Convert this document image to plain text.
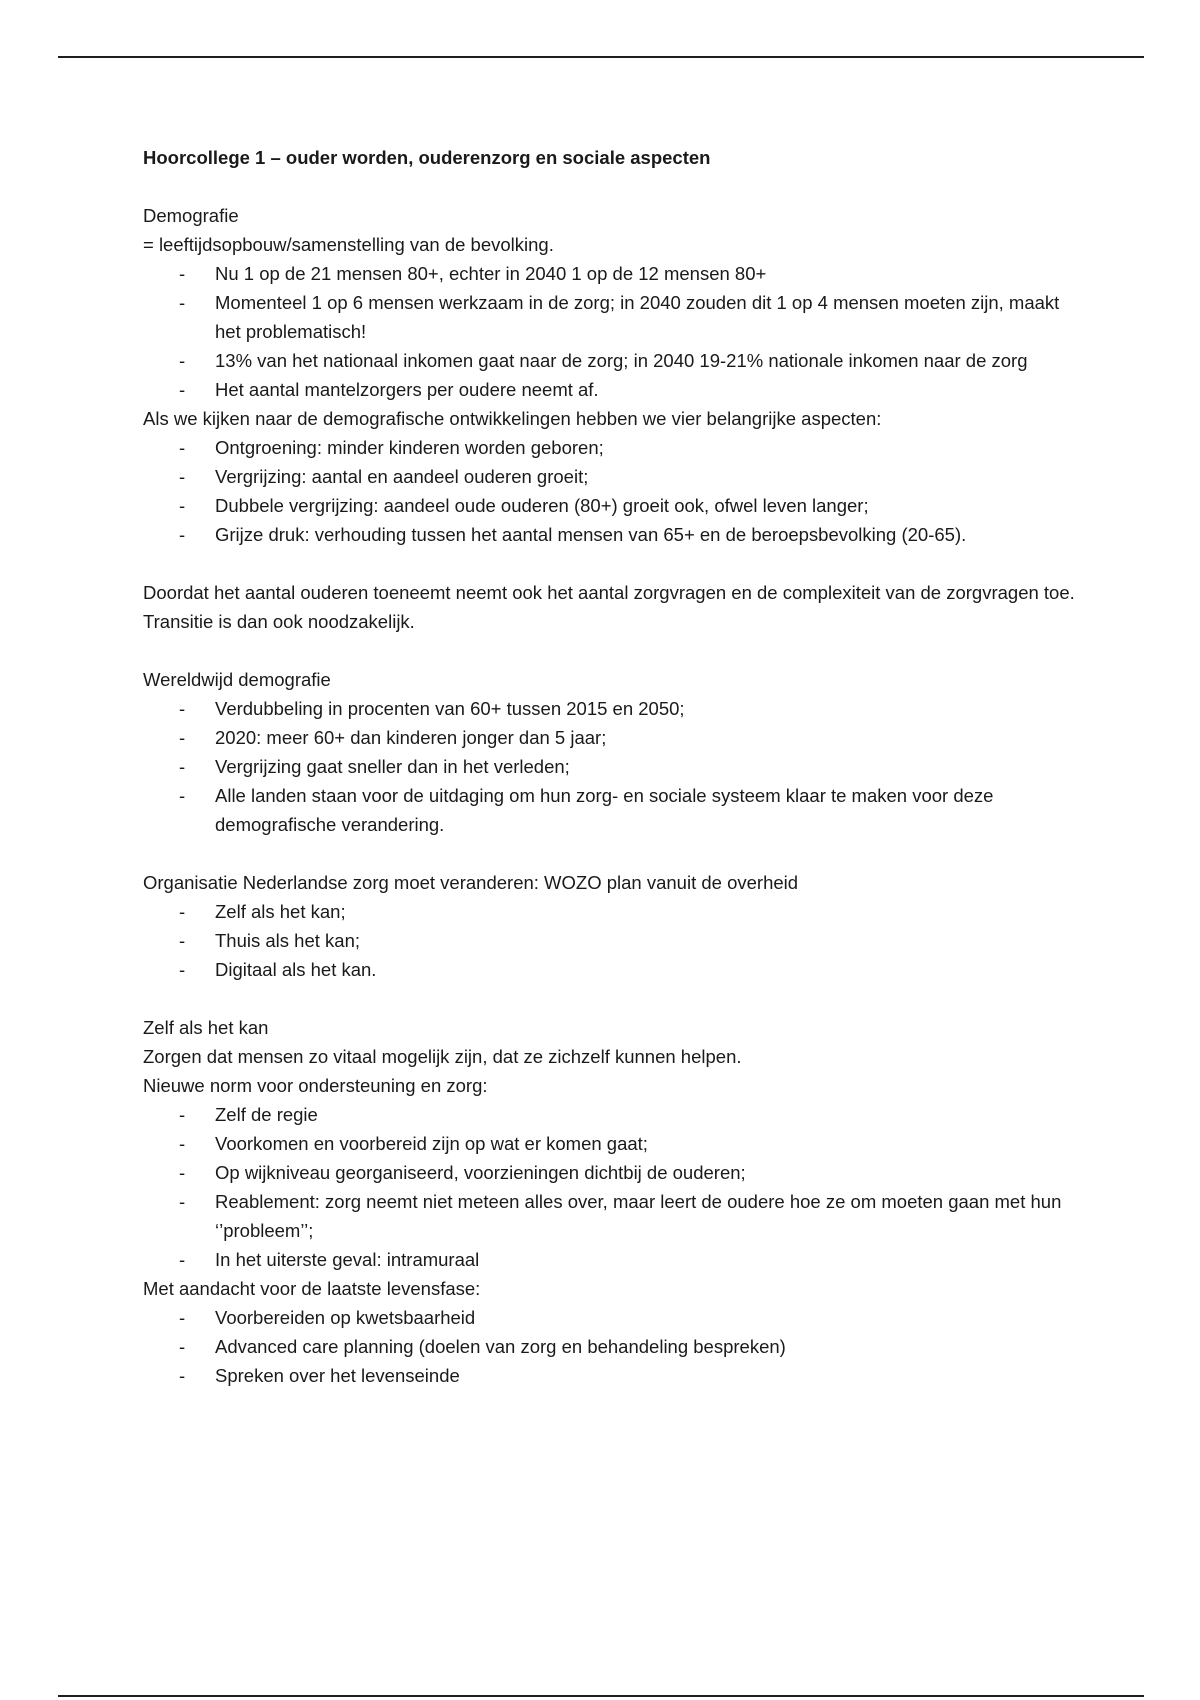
Hoorcollege 1 – ouder worden, ouderenzorg en sociale aspecten

Demografie

= leeftijdsopbouw/samenstelling van de bevolking.

- Nu 1 op de 21 mensen 80+, echter in 2040 1 op de 12 mensen 80+
- Momenteel 1 op 6 mensen werkzaam in de zorg; in 2040 zouden dit 1 op 4 mensen moeten zijn, maakt het problematisch!
- 13% van het nationaal inkomen gaat naar de zorg; in 2040 19-21% nationale inkomen naar de zorg
- Het aantal mantelzorgers per oudere neemt af.

Als we kijken naar de demografische ontwikkelingen hebben we vier belangrijke aspecten:

- Ontgroening: minder kinderen worden geboren;
- Vergrijzing: aantal en aandeel ouderen groeit;
- Dubbele vergrijzing: aandeel oude ouderen (80+) groeit ook, ofwel leven langer;
- Grijze druk: verhouding tussen het aantal mensen van 65+ en de beroepsbevolking (20-65).

Doordat het aantal ouderen toeneemt neemt ook het aantal zorgvragen en de complexiteit van de zorgvragen toe. Transitie is dan ook noodzakelijk.

Wereldwijd demografie

- Verdubbeling in procenten van 60+ tussen 2015 en 2050;
- 2020: meer 60+ dan kinderen jonger dan 5 jaar;
- Vergrijzing gaat sneller dan in het verleden;
- Alle landen staan voor de uitdaging om hun zorg- en sociale systeem klaar te maken voor deze demografische verandering.

Organisatie Nederlandse zorg moet veranderen: WOZO plan vanuit de overheid

- Zelf als het kan;
- Thuis als het kan;
- Digitaal als het kan.

Zelf als het kan

Zorgen dat mensen zo vitaal mogelijk zijn, dat ze zichzelf kunnen helpen.

Nieuwe norm voor ondersteuning en zorg:

- Zelf de regie
- Voorkomen en voorbereid zijn op wat er komen gaat;
- Op wijkniveau georganiseerd, voorzieningen dichtbij de ouderen;
- Reablement: zorg neemt niet meteen alles over, maar leert de oudere hoe ze om moeten gaan met hun ‘’probleem’’;
- In het uiterste geval: intramuraal

Met aandacht voor de laatste levensfase:

- Voorbereiden op kwetsbaarheid
- Advanced care planning (doelen van zorg en behandeling bespreken)
- Spreken over het levenseinde
